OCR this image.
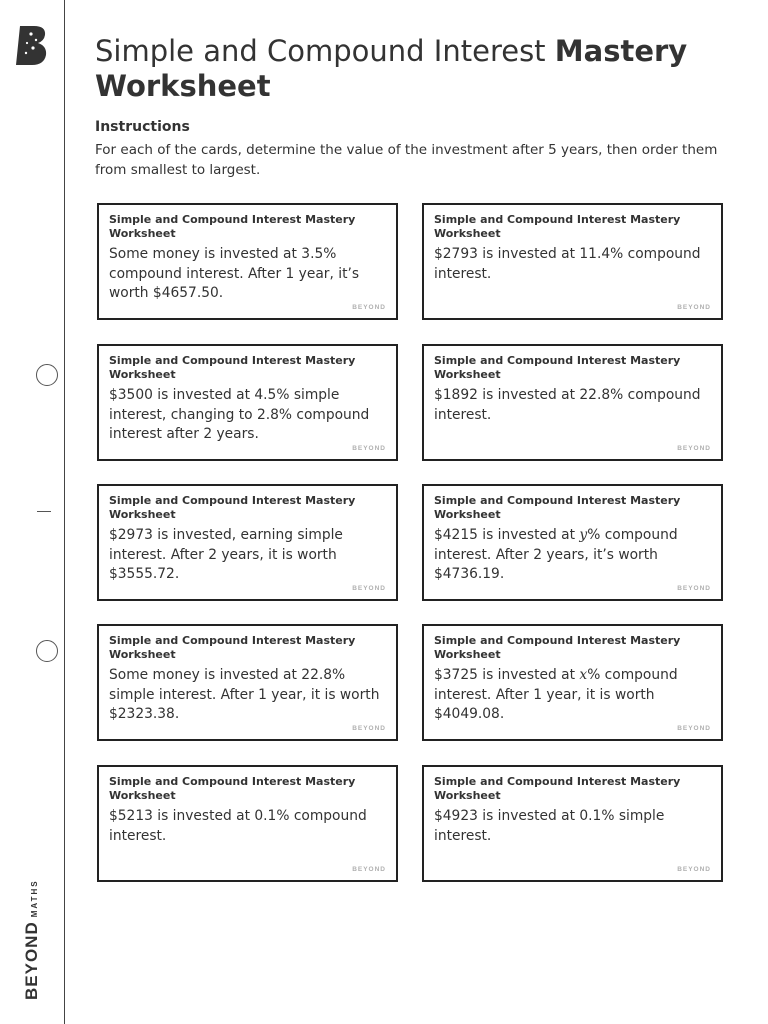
BEYONDMATHS
Simple and Compound Interest Mastery Worksheet
Instructions

For each of the cards, determine the value of the investment after 5 years, then order them from smallest to largest.

Simple and Compound Interest Mastery Worksheet
Some money is invested at 3.5% compound interest. After 1 year, it’s worth $4657.50.
BEYOND
Simple and Compound Interest Mastery Worksheet
$2793 is invested at 11.4% compound interest.
BEYOND
Simple and Compound Interest Mastery Worksheet
$3500 is invested at 4.5% simple interest, changing to 2.8% compound interest after 2 years.
BEYOND
Simple and Compound Interest Mastery Worksheet
$1892 is invested at 22.8% compound interest.
BEYOND
Simple and Compound Interest Mastery Worksheet
$2973 is invested, earning simple interest. After 2 years, it is worth $3555.72.
BEYOND
Simple and Compound Interest Mastery Worksheet
$4215 is invested at y% compound interest. After 2 years, it’s worth $4736.19.
BEYOND
Simple and Compound Interest Mastery Worksheet
Some money is invested at 22.8% simple interest. After 1 year, it is worth $2323.38.
BEYOND
Simple and Compound Interest Mastery Worksheet
$3725 is invested at x% compound interest. After 1 year, it is worth $4049.08.
BEYOND
Simple and Compound Interest Mastery Worksheet
$5213 is invested at 0.1% compound interest.
BEYOND
Simple and Compound Interest Mastery Worksheet
$4923 is invested at 0.1% simple interest.
BEYOND
